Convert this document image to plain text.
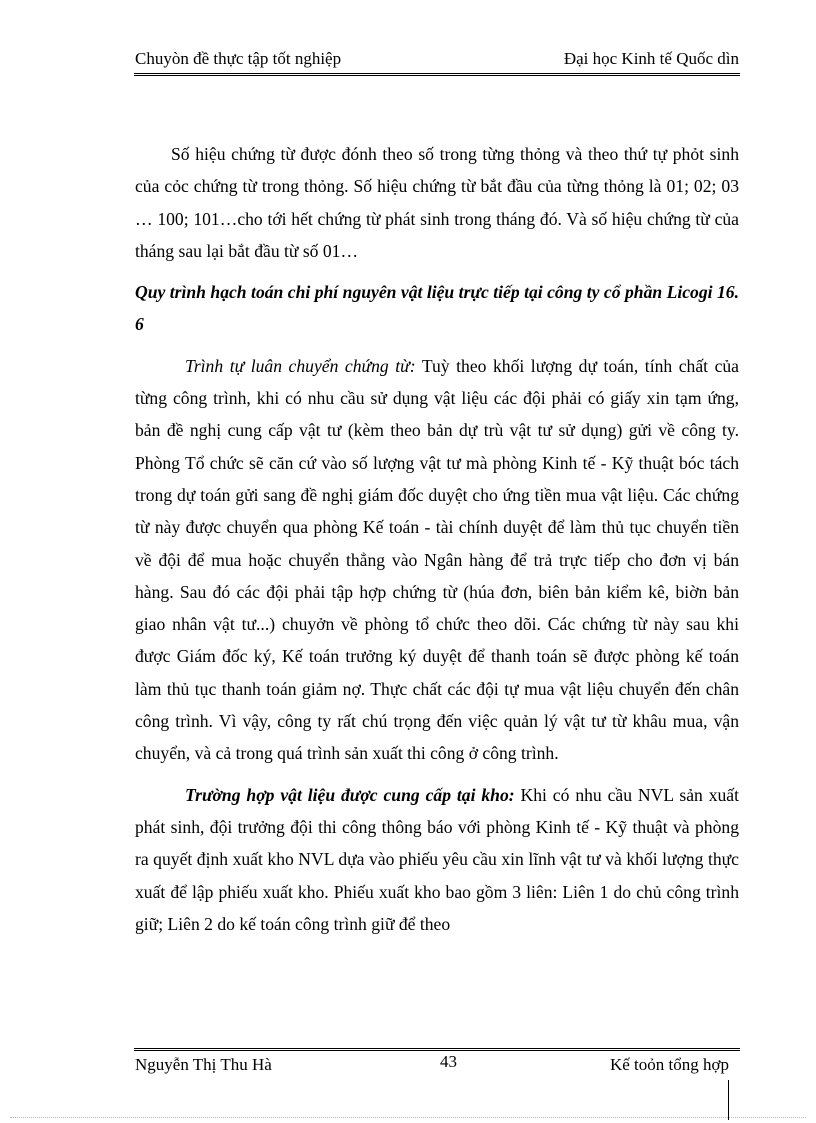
Chuyòn đề thực tập tốt nghiệp	Đại học Kinh tế Quốc dìn

Số hiệu chứng từ được đónh theo số trong từng thỏng và theo thứ tự phỏt sinh của cỏc chứng từ trong thỏng. Số hiệu chứng từ bắt đầu của từng thỏng là 01; 02; 03 … 100; 101…cho tới hết chứng từ phát sinh trong tháng đó. Và số hiệu chứng từ của tháng sau lại bắt đầu từ số 01…

Quy trình hạch toán chi phí nguyên vật liệu trực tiếp tại công ty cổ phần Licogi 16. 6

Trình tự luân chuyển chứng từ: Tuỳ theo khối lượng dự toán, tính chất của từng công trình, khi có nhu cầu sử dụng vật liệu các đội phải có giấy xin tạm ứng, bản đề nghị cung cấp vật tư (kèm theo bản dự trù vật tư sử dụng) gửi về công ty. Phòng Tổ chức sẽ căn cứ vào số lượng vật tư mà phòng Kinh tế - Kỹ thuật bóc tách trong dự toán gửi sang đề nghị giám đốc duyệt cho ứng tiền mua vật liệu. Các chứng từ này được chuyển qua phòng Kế toán - tài chính duyệt để làm thủ tục chuyển tiền về đội để mua hoặc chuyển thẳng vào Ngân hàng để trả trực tiếp cho đơn vị bán hàng. Sau đó các đội phải tập hợp chứng từ (húa đơn, biên bản kiểm kê, biờn bản giao nhân vật tư...) chuyởn về phòng tổ chức theo dõi. Các chứng từ này sau khi được Giám đốc ký, Kế toán trưởng ký duyệt để thanh toán sẽ được phòng kế toán làm thủ tục thanh toán giảm nợ. Thực chất các đội tự mua vật liệu chuyển đến chân công trình. Vì vậy, công ty rất chú trọng đến việc quản lý vật tư từ khâu mua, vận chuyển, và cả trong quá trình sản xuất thi công ở công trình.

Trường hợp vật liệu được cung cấp tại kho: Khi có nhu cầu NVL sản xuất phát sinh, đội trưởng đội thi công thông báo với phòng Kinh tế - Kỹ thuật và phòng ra quyết định xuất kho NVL dựa vào phiếu yêu cầu xin lĩnh vật tư và khối lượng thực xuất để lập phiếu xuất kho. Phiếu xuất kho bao gồm 3 liên: Liên 1 do chủ công trình giữ; Liên 2 do kế toán công trình giữ để theo

Nguyễn Thị Thu Hà	43	Kế toỏn tổng hợp
